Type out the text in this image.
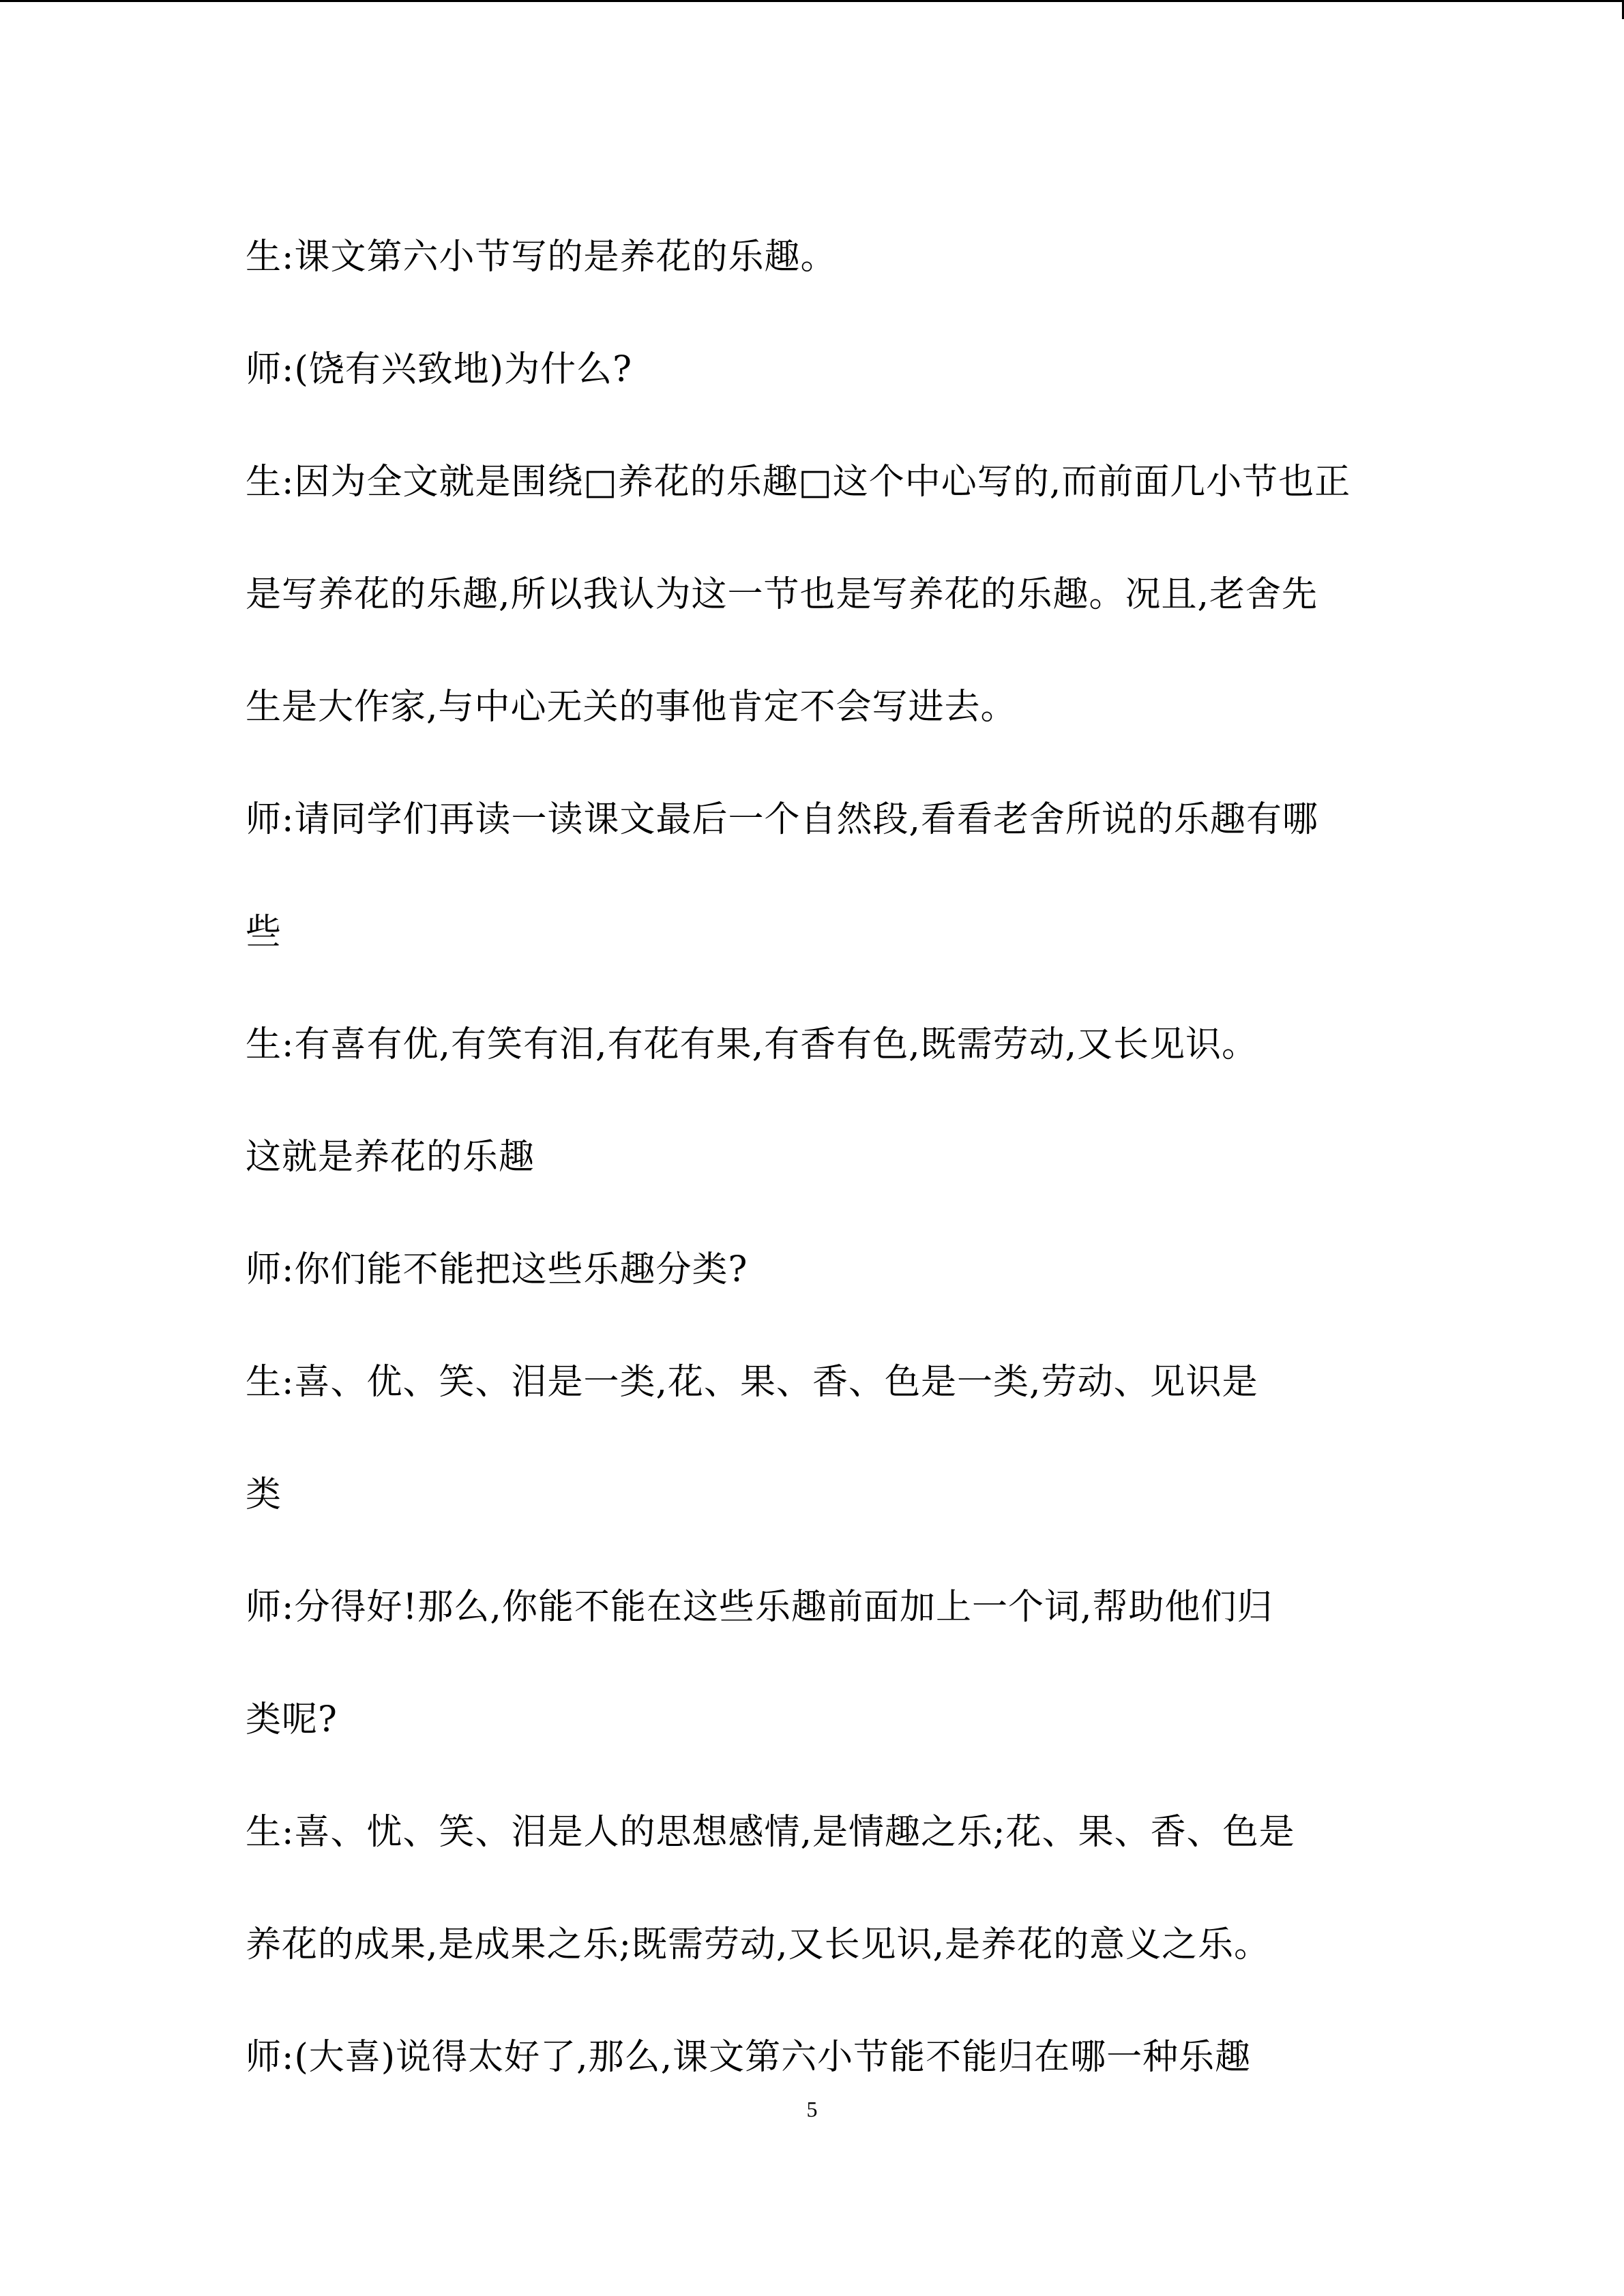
生:课文第六小节写的是养花的乐趣。
师:(饶有兴致地)为什么?
生:因为全文就是围绕□养花的乐趣□这个中心写的,而前面几小节也正
是写养花的乐趣,所以我认为这一节也是写养花的乐趣。况且,老舍先
生是大作家,与中心无关的事他肯定不会写进去。
师:请同学们再读一读课文最后一个自然段,看看老舍所说的乐趣有哪
些
生:有喜有优,有笑有泪,有花有果,有香有色,既需劳动,又长见识。
这就是养花的乐趣
师:你们能不能把这些乐趣分类?
生:喜、优、笑、泪是一类,花、果、香、色是一类,劳动、见识是
类
师:分得好!那么,你能不能在这些乐趣前面加上一个词,帮助他们归
类呢?
生:喜、忧、笑、泪是人的思想感情,是情趣之乐;花、果、香、色是
养花的成果,是成果之乐;既需劳动,又长见识,是养花的意义之乐。
师:(大喜)说得太好了,那么,课文第六小节能不能归在哪一种乐趣
5
